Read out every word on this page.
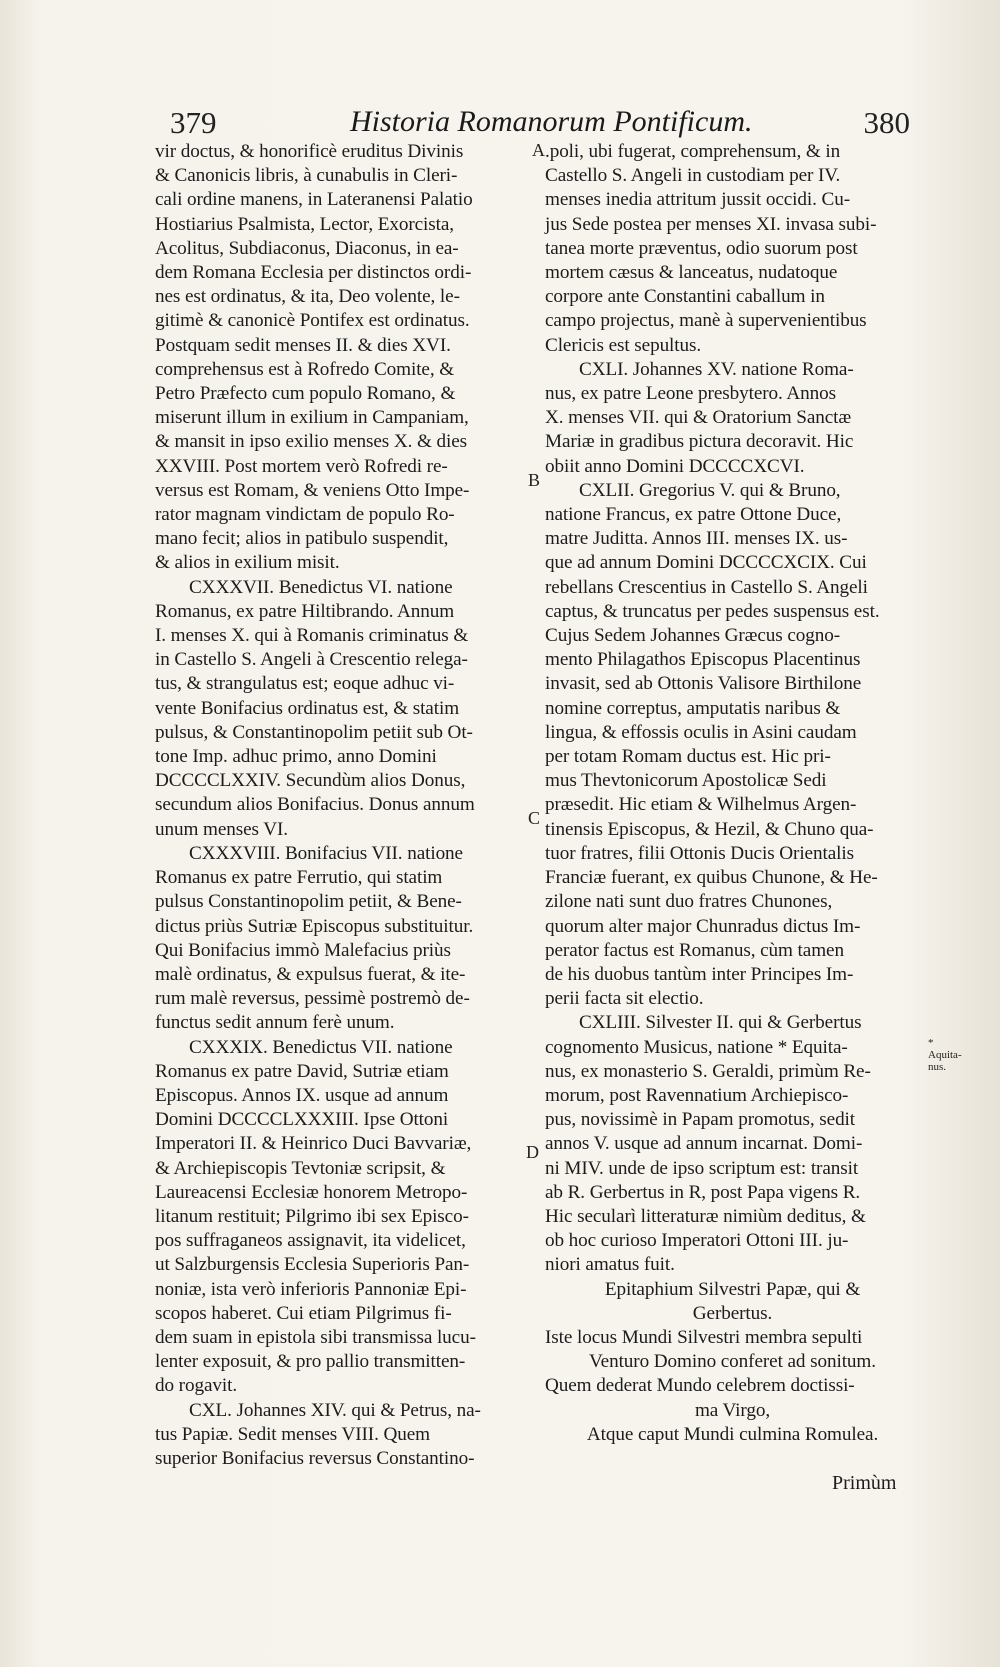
379	Historia Romanorum Pontificum.	380

vir doctus, & honorificè eruditus Divinis

& Canonicis libris, à cunabulis in Cleri-

cali ordine manens, in Lateranensi Palatio

Hostiarius Psalmista, Lector, Exorcista,

Acolitus, Subdiaconus, Diaconus, in ea-

dem Romana Ecclesia per distinctos ordi-

nes est ordinatus, & ita, Deo volente, le-

gitimè & canonicè Pontifex est ordinatus.

Postquam sedit menses II. & dies XVI.

comprehensus est à Rofredo Comite, &

Petro Præfecto cum populo Romano, &

miserunt illum in exilium in Campaniam,

& mansit in ipso exilio menses X. & dies

XXVIII. Post mortem verò Rofredi re-

versus est Romam, & veniens Otto Impe-

rator magnam vindictam de populo Ro-

mano fecit; alios in patibulo suspendit,

& alios in exilium misit.

CXXXVII. Benedictus VI. natione

Romanus, ex patre Hiltibrando. Annum

I. menses X. qui à Romanis criminatus &

in Castello S. Angeli à Crescentio relega-

tus, & strangulatus est; eoque adhuc vi-

vente Bonifacius ordinatus est, & statim

pulsus, & Constantinopolim petiit sub Ot-

tone Imp. adhuc primo, anno Domini

DCCCCLXXIV. Secundùm alios Donus,

secundum alios Bonifacius. Donus annum

unum menses VI.

CXXXVIII. Bonifacius VII. natione

Romanus ex patre Ferrutio, qui statim

pulsus Constantinopolim petiit, & Bene-

dictus priùs Sutriæ Episcopus substituitur.

Qui Bonifacius immò Malefacius priùs

malè ordinatus, & expulsus fuerat, & ite-

rum malè reversus, pessimè postremò de-

functus sedit annum ferè unum.

CXXXIX. Benedictus VII. natione

Romanus ex patre David, Sutriæ etiam

Episcopus. Annos IX. usque ad annum

Domini DCCCCLXXXIII. Ipse Ottoni

Imperatori II. & Heinrico Duci Bavvariæ,

& Archiepiscopis Tevtoniæ scripsit, &

Laureacensi Ecclesiæ honorem Metropo-

litanum restituit; Pilgrimo ibi sex Episco-

pos suffraganeos assignavit, ita videlicet,

ut Salzburgensis Ecclesia Superioris Pan-

noniæ, ista verò inferioris Pannoniæ Epi-

scopos haberet. Cui etiam Pilgrimus fi-

dem suam in epistola sibi transmissa lucu-

lenter exposuit, & pro pallio transmitten-

do rogavit.

CXL. Johannes XIV. qui & Petrus, na-

tus Papiæ. Sedit menses VIII. Quem

superior Bonifacius reversus Constantino-

.poli, ubi fugerat, comprehensum, & in

Castello S. Angeli in custodiam per IV.

menses inedia attritum jussit occidi. Cu-

jus Sede postea per menses XI. invasa subi-

tanea morte præventus, odio suorum post

mortem cæsus & lanceatus, nudatoque

corpore ante Constantini caballum in

campo projectus, manè à supervenientibus

Clericis est sepultus.

CXLI. Johannes XV. natione Roma-

nus, ex patre Leone presbytero. Annos

X. menses VII. qui & Oratorium Sanctæ

Mariæ in gradibus pictura decoravit. Hic

obiit anno Domini DCCCCXCVI.

CXLII. Gregorius V. qui & Bruno,

natione Francus, ex patre Ottone Duce,

matre Juditta. Annos III. menses IX. us-

que ad annum Domini DCCCCXCIX. Cui

rebellans Crescentius in Castello S. Angeli

captus, & truncatus per pedes suspensus est.

Cujus Sedem Johannes Græcus cogno-

mento Philagathos Episcopus Placentinus

invasit, sed ab Ottonis Valisore Birthilone

nomine correptus, amputatis naribus &

lingua, & effossis oculis in Asini caudam

per totam Romam ductus est. Hic pri-

mus Thevtonicorum Apostolicæ Sedi

præsedit. Hic etiam & Wilhelmus Argen-

tinensis Episcopus, & Hezil, & Chuno qua-

tuor fratres, filii Ottonis Ducis Orientalis

Franciæ fuerant, ex quibus Chunone, & He-

zilone nati sunt duo fratres Chunones,

quorum alter major Chunradus dictus Im-

perator factus est Romanus, cùm tamen

de his duobus tantùm inter Principes Im-

perii facta sit electio.

CXLIII. Silvester II. qui & Gerbertus

cognomento Musicus, natione * Equita-

nus, ex monasterio S. Geraldi, primùm Re-

morum, post Ravennatium Archiepisco-

pus, novissimè in Papam promotus, sedit

annos V. usque ad annum incarnat. Domi-

ni MIV. unde de ipso scriptum est: transit

ab R. Gerbertus in R, post Papa vigens R.

Hic secularì litteraturæ nimiùm deditus, &

ob hoc curioso Imperatori Ottoni III. ju-

niori amatus fuit.

Epitaphium Silvestri Papæ, qui &

Gerbertus.

Iste locus Mundi Silvestri membra sepulti

Venturo Domino conferet ad sonitum.

Quem dederat Mundo celebrem doctissi-

ma Virgo,

Atque caput Mundi culmina Romulea.

A
B
C
D
* Aquita- nus.
Primùm
